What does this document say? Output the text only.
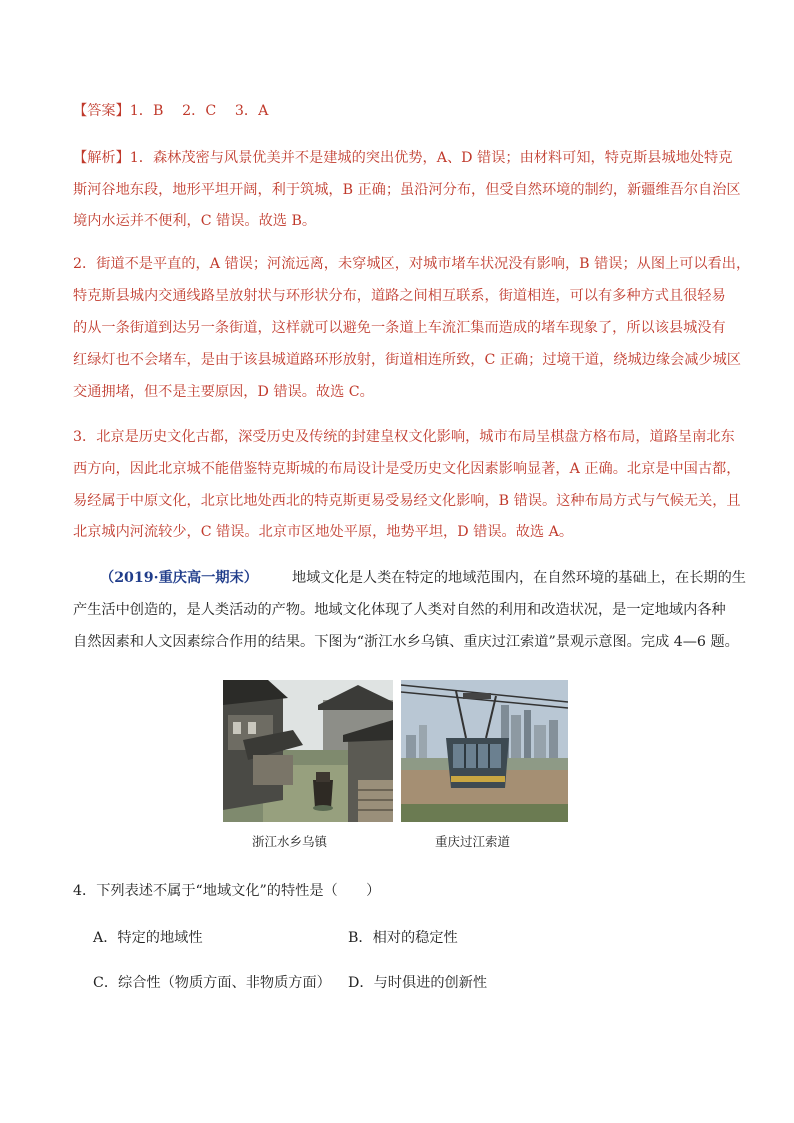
【答案】1．B　 2．C　 3．A
【解析】1．森林茂密与风景优美并不是建城的突出优势，A、D 错误；由材料可知，特克斯县城地处特克
斯河谷地东段，地形平坦开阔，利于筑城，B 正确；虽沿河分布，但受自然环境的制约，新疆维吾尔自治区
境内水运并不便利，C 错误。故选 B。
2．街道不是平直的，A 错误；河流远离，未穿城区，对城市堵车状况没有影响，B 错误；从图上可以看出，
特克斯县城内交通线路呈放射状与环形状分布，道路之间相互联系，街道相连，可以有多种方式且很轻易
的从一条街道到达另一条街道，这样就可以避免一条道上车流汇集而造成的堵车现象了，所以该县城没有
红绿灯也不会堵车，是由于该县城道路环形放射，街道相连所致，C 正确；过境干道，绕城边缘会减少城区
交通拥堵，但不是主要原因，D 错误。故选 C。
3．北京是历史文化古都，深受历史及传统的封建皇权文化影响，城市布局呈棋盘方格布局，道路呈南北东
西方向，因此北京城不能借鉴特克斯城的布局设计是受历史文化因素影响显著，A 正确。北京是中国古都，
易经属于中原文化，北京比地处西北的特克斯更易受易经文化影响，B 错误。这种布局方式与气候无关，且
北京城内河流较少，C 错误。北京市区地处平原，地势平坦，D 错误。故选 A。
（2019·重庆高一期末） 地域文化是人类在特定的地域范围内，在自然环境的基础上，在长期的生
产生活中创造的，是人类活动的产物。地域文化体现了人类对自然的利用和改造状况，是一定地域内各种
自然因素和人文因素综合作用的结果。下图为“浙江水乡乌镇、重庆过江索道”景观示意图。完成 4—6 题。
浙江水乡乌镇	重庆过江索道
4．下列表述不属于“地域文化”的特性是（　　）
A．特定的地域性	B．相对的稳定性
C．综合性（物质方面、非物质方面） D．与时俱进的创新性
